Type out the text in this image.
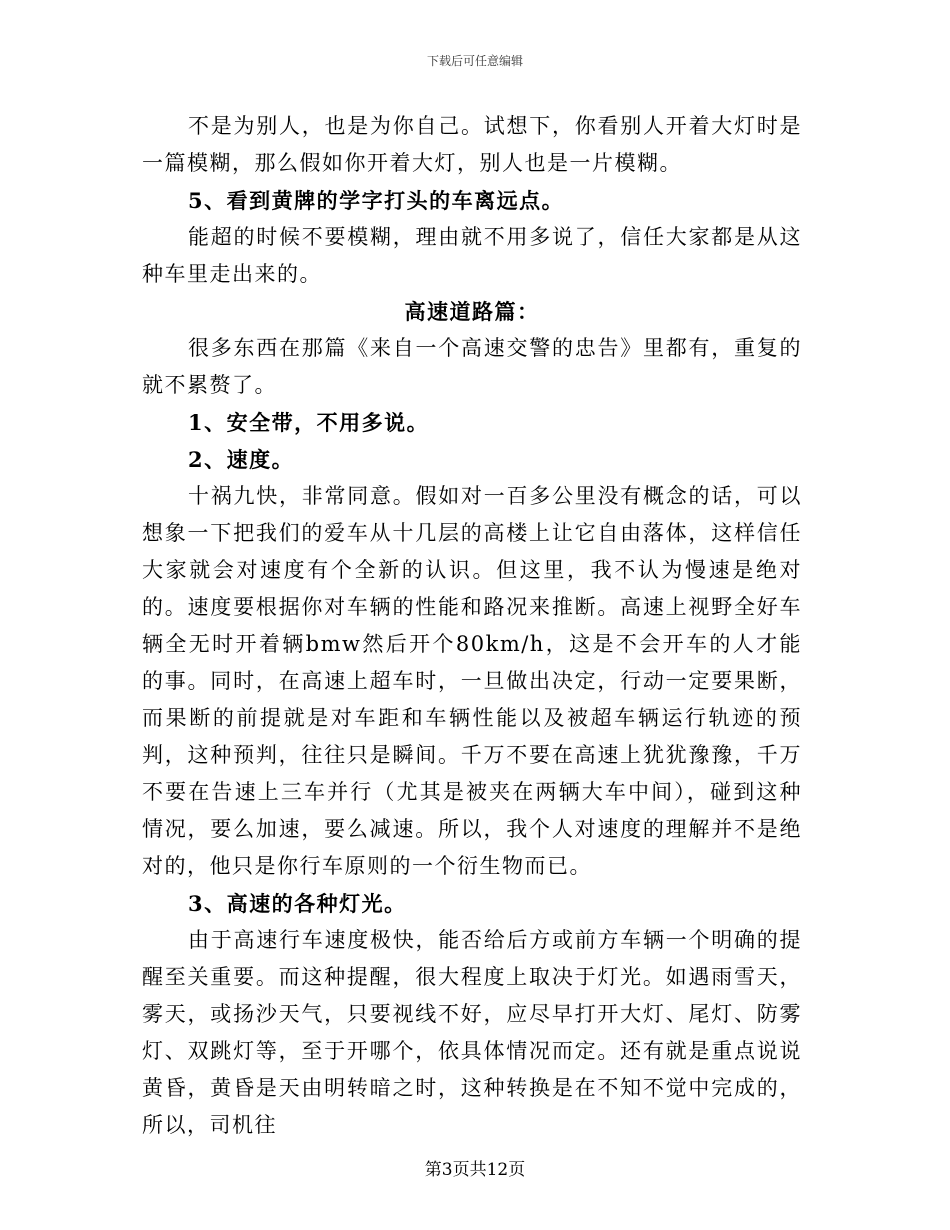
下载后可任意编辑

不是为别人，也是为你自己。试想下，你看别人开着大灯时是一篇模糊，那么假如你开着大灯，别人也是一片模糊。

5、看到黄牌的学字打头的车离远点。

能超的时候不要模糊，理由就不用多说了，信任大家都是从这种车里走出来的。

高速道路篇：

很多东西在那篇《来自一个高速交警的忠告》里都有，重复的就不累赘了。

1、安全带，不用多说。

2、速度。

十祸九快，非常同意。假如对一百多公里没有概念的话，可以想象一下把我们的爱车从十几层的高楼上让它自由落体，这样信任大家就会对速度有个全新的认识。但这里，我不认为慢速是绝对的。速度要根据你对车辆的性能和路况来推断。高速上视野全好车辆全无时开着辆bmw然后开个80km/h，这是不会开车的人才能的事。同时，在高速上超车时，一旦做出决定，行动一定要果断，而果断的前提就是对车距和车辆性能以及被超车辆运行轨迹的预判，这种预判，往往只是瞬间。千万不要在高速上犹犹豫豫，千万不要在告速上三车并行（尤其是被夹在两辆大车中间），碰到这种情况，要么加速，要么减速。所以，我个人对速度的理解并不是绝对的，他只是你行车原则的一个衍生物而已。

3、高速的各种灯光。

由于高速行车速度极快，能否给后方或前方车辆一个明确的提醒至关重要。而这种提醒，很大程度上取决于灯光。如遇雨雪天，雾天，或扬沙天气，只要视线不好，应尽早打开大灯、尾灯、防雾灯、双跳灯等，至于开哪个，依具体情况而定。还有就是重点说说黄昏，黄昏是天由明转暗之时，这种转换是在不知不觉中完成的，所以，司机往

第3页共12页
